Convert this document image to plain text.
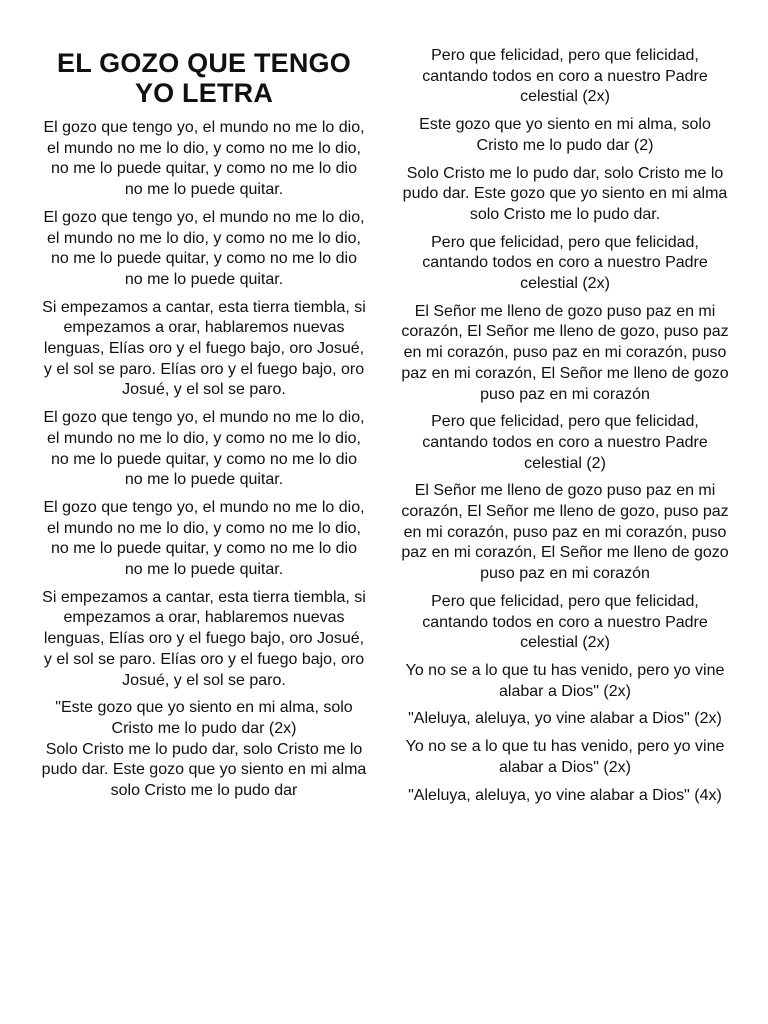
EL GOZO QUE TENGO YO LETRA

El gozo que tengo yo, el mundo no me lo dio, el mundo no me lo dio, y como no me lo dio, no me lo puede quitar, y como no me lo dio no me lo puede quitar.

El gozo que tengo yo, el mundo no me lo dio, el mundo no me lo dio, y como no me lo dio, no me lo puede quitar, y como no me lo dio no me lo puede quitar.

Si empezamos a cantar, esta tierra tiembla, si empezamos a orar, hablaremos nuevas lenguas, Elías oro y el fuego bajo, oro Josué, y el sol se paro. Elías oro y el fuego bajo, oro Josué, y el sol se paro.

El gozo que tengo yo, el mundo no me lo dio, el mundo no me lo dio, y como no me lo dio, no me lo puede quitar, y como no me lo dio no me lo puede quitar.

El gozo que tengo yo, el mundo no me lo dio, el mundo no me lo dio, y como no me lo dio, no me lo puede quitar, y como no me lo dio no me lo puede quitar.

Si empezamos a cantar, esta tierra tiembla, si empezamos a orar, hablaremos nuevas lenguas, Elías oro y el fuego bajo, oro Josué, y el sol se paro. Elías oro y el fuego bajo, oro Josué, y el sol se paro.

"Este gozo que yo siento en mi alma, solo Cristo me lo pudo dar (2x)

Solo Cristo me lo pudo dar, solo Cristo me lo pudo dar. Este gozo que yo siento en mi alma solo Cristo me lo pudo dar

Pero que felicidad, pero que felicidad, cantando todos en coro a nuestro Padre celestial (2x)

Este gozo que yo siento en mi alma, solo Cristo me lo pudo dar (2)

Solo Cristo me lo pudo dar, solo Cristo me lo pudo dar. Este gozo que yo siento en mi alma solo Cristo me lo pudo dar.

Pero que felicidad, pero que felicidad, cantando todos en coro a nuestro Padre celestial (2x)

El Señor me lleno de gozo puso paz en mi corazón, El Señor me lleno de gozo, puso paz en mi corazón, puso paz en mi corazón, puso paz en mi corazón, El Señor me lleno de gozo puso paz en mi corazón

Pero que felicidad, pero que felicidad, cantando todos en coro a nuestro Padre celestial (2)

El Señor me lleno de gozo puso paz en mi corazón, El Señor me lleno de gozo, puso paz en mi corazón, puso paz en mi corazón, puso paz en mi corazón, El Señor me lleno de gozo puso paz en mi corazón

Pero que felicidad, pero que felicidad, cantando todos en coro a nuestro Padre celestial (2x)

Yo no se a lo que tu has venido, pero yo vine alabar a Dios" (2x)

"Aleluya, aleluya, yo vine alabar a Dios" (2x)

Yo no se a lo que tu has venido, pero yo vine alabar a Dios" (2x)

"Aleluya, aleluya, yo vine alabar a Dios" (4x)
